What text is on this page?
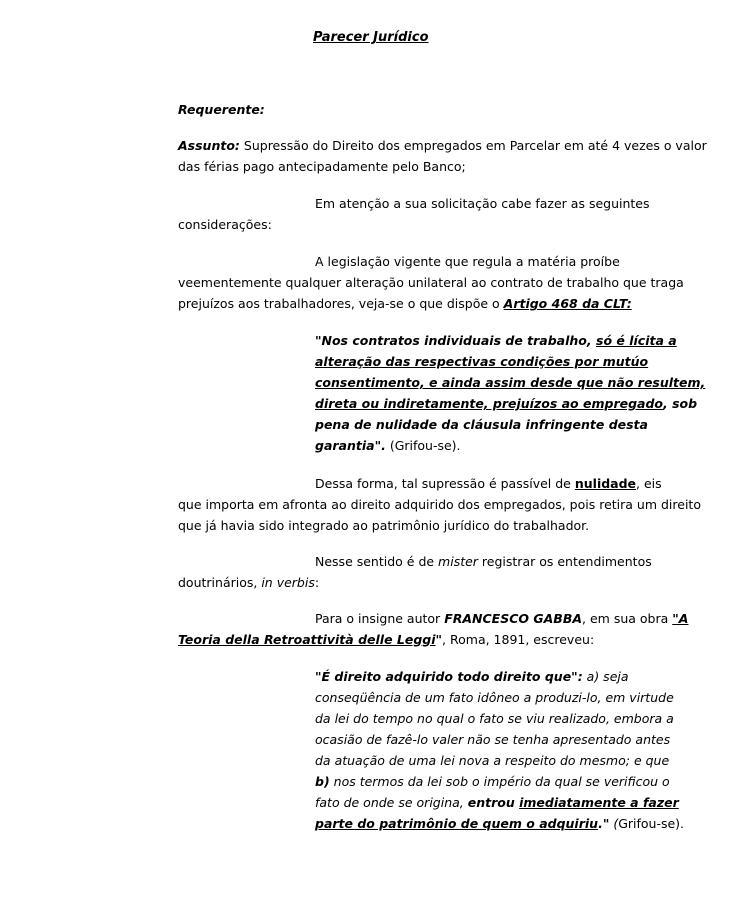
Parecer Jurídico
Requerente:
Assunto: Supressão do Direito dos empregados em Parcelar em até 4 vezes o valor
das férias pago antecipadamente pelo Banco;
Em atenção a sua solicitação cabe fazer as seguintes
considerações:
A legislação vigente que regula a matéria proíbe
veementemente qualquer alteração unilateral ao contrato de trabalho que traga
prejuízos aos trabalhadores, veja-se o que dispõe o Artigo 468 da CLT:
"Nos contratos individuais de trabalho, só é lícita a
alteração das respectivas condições por mutúo
consentimento, e ainda assim desde que não resultem,
direta ou indiretamente, prejuízos ao empregado, sob
pena de nulidade da cláusula infringente desta
garantia". (Grifou-se).
Dessa forma, tal supressão é passível de nulidade, eis
que importa em afronta ao direito adquirido dos empregados, pois retira um direito
que já havia sido integrado ao patrimônio jurídico do trabalhador.
Nesse sentido é de mister registrar os entendimentos
doutrinários, in verbis:
Para o insigne autor FRANCESCO GABBA, em sua obra "A
Teoria della Retroattività delle Leggi", Roma, 1891, escreveu:
"É direito adquirido todo direito que": a) seja
conseqüência de um fato idôneo a produzi-lo, em virtude
da lei do tempo no qual o fato se viu realizado, embora a
ocasião de fazê-lo valer não se tenha apresentado antes
da atuação de uma lei nova a respeito do mesmo; e que
b) nos termos da lei sob o império da qual se verificou o
fato de onde se origina, entrou imediatamente a fazer
parte do patrimônio de quem o adquiriu." (Grifou-se).
